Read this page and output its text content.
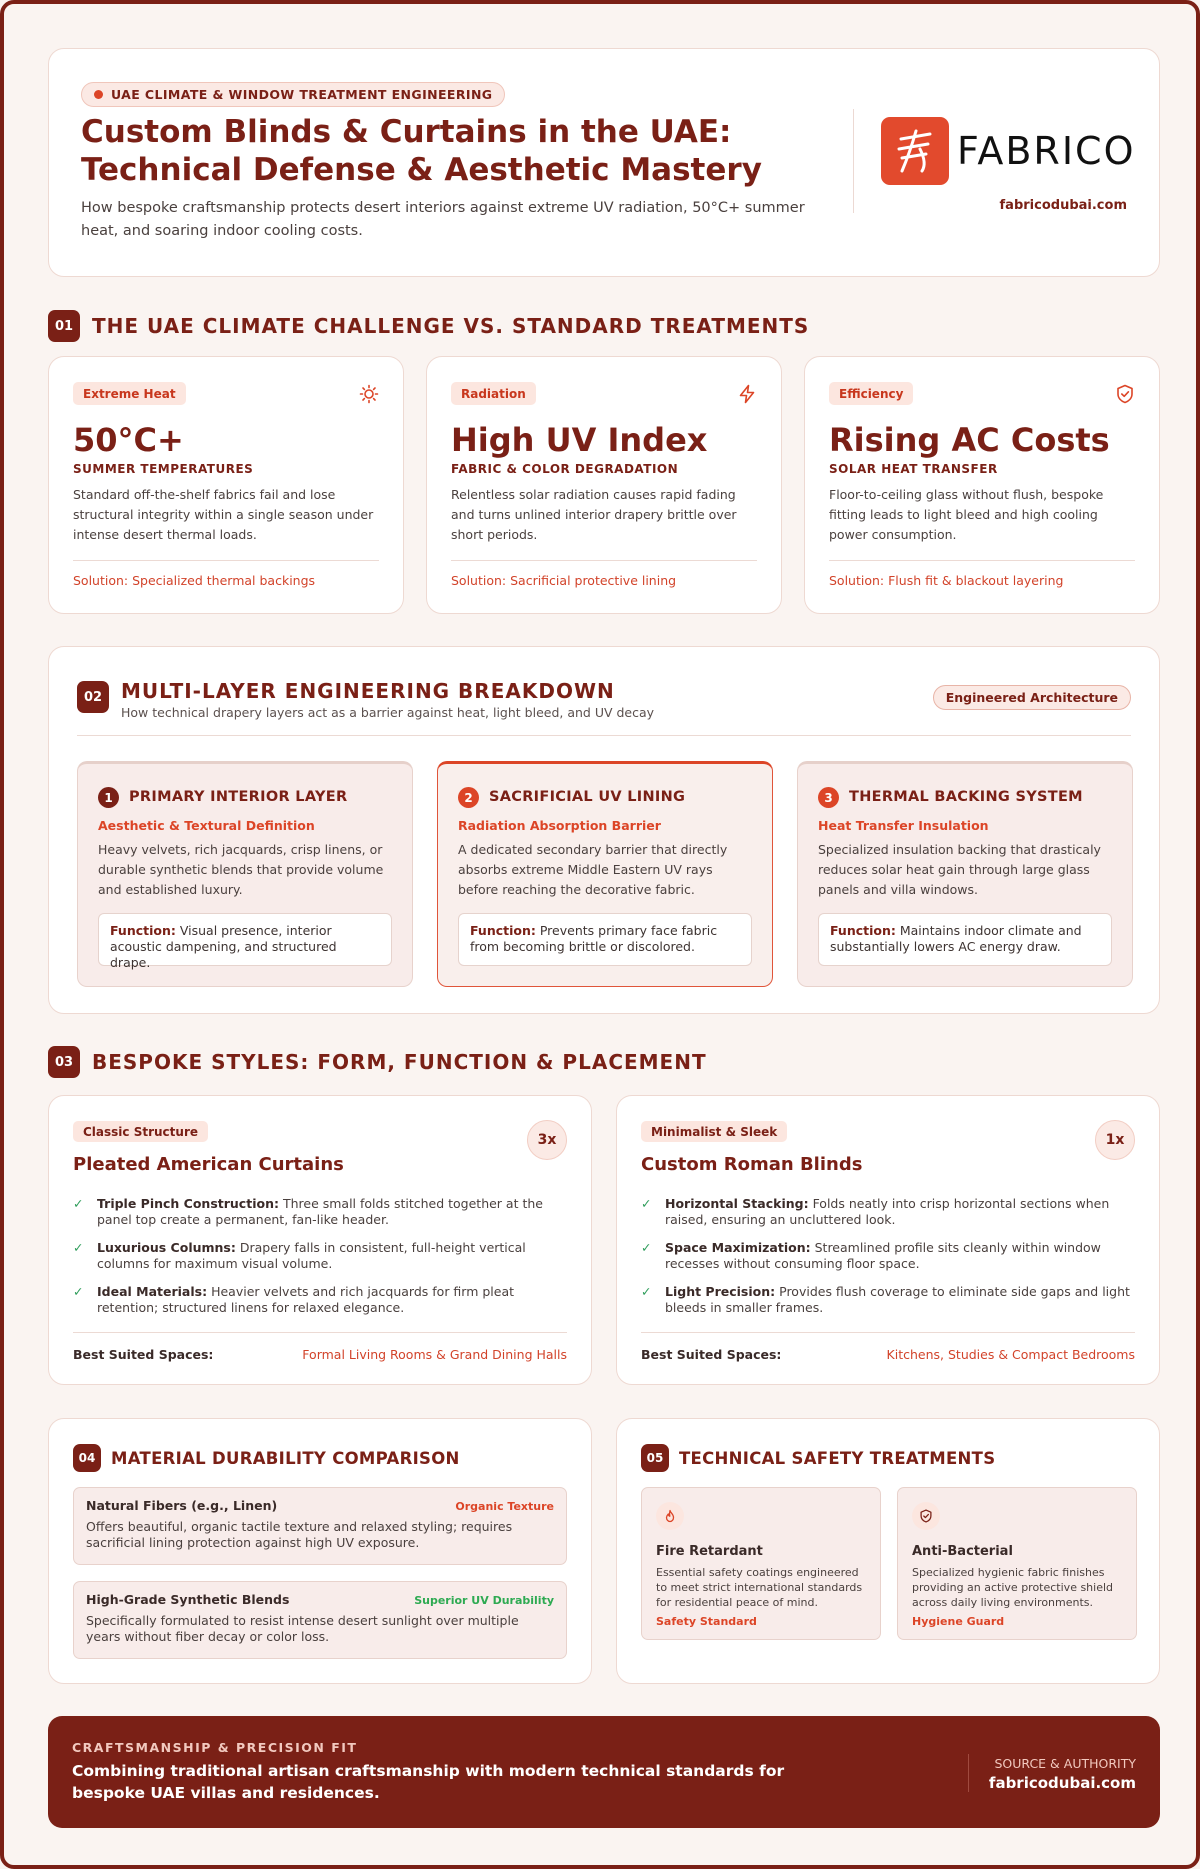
UAE CLIMATE & WINDOW TREATMENT ENGINEERING
Custom Blinds & Curtains in the UAE: Technical Defense & Aesthetic Mastery

How bespoke craftsmanship protects desert interiors against extreme UV radiation, 50°C+ summer heat, and soaring indoor cooling costs.

FABRICO
fabricodubai.com
01 THE UAE CLIMATE CHALLENGE VS. STANDARD TREATMENTS
Extreme Heat
50°C+
SUMMER TEMPERATURES

Standard off-the-shelf fabrics fail and lose structural integrity within a single season under intense desert thermal loads.

Solution: Specialized thermal backings
Radiation
High UV Index
FABRIC & COLOR DEGRADATION

Relentless solar radiation causes rapid fading and turns unlined interior drapery brittle over short periods.

Solution: Sacrificial protective lining
Efficiency
Rising AC Costs
SOLAR HEAT TRANSFER

Floor-to-ceiling glass without flush, bespoke fitting leads to light bleed and high cooling power consumption.

Solution: Flush fit & blackout layering
02 MULTI-LAYER ENGINEERING BREAKDOWN
How technical drapery layers act as a barrier against heat, light bleed, and UV decay
Engineered Architecture
1	PRIMARY INTERIOR LAYER
Aesthetic & Textural Definition

Heavy velvets, rich jacquards, crisp linens, or durable synthetic blends that provide volume and established luxury.

Function: Visual presence, interior acoustic dampening, and structured drape.
2	SACRIFICIAL UV LINING
Radiation Absorption Barrier

A dedicated secondary barrier that directly absorbs extreme Middle Eastern UV rays before reaching the decorative fabric.

Function: Prevents primary face fabric from becoming brittle or discolored.
3	THERMAL BACKING SYSTEM
Heat Transfer Insulation

Specialized insulation backing that drasticaly reduces solar heat gain through large glass panels and villa windows.

Function: Maintains indoor climate and substantially lowers AC energy draw.
03 BESPOKE STYLES: FORM, FUNCTION & PLACEMENT
Classic Structure
3x
Pleated American Curtains
✓ Triple Pinch Construction: Three small folds stitched together at the panel top create a permanent, fan-like header.
✓ Luxurious Columns: Drapery falls in consistent, full-height vertical columns for maximum visual volume.
✓ Ideal Materials: Heavier velvets and rich jacquards for firm pleat retention; structured linens for relaxed elegance.
Best Suited Spaces:	Formal Living Rooms & Grand Dining Halls
Minimalist & Sleek
1x
Custom Roman Blinds
✓ Horizontal Stacking: Folds neatly into crisp horizontal sections when raised, ensuring an uncluttered look.
✓ Space Maximization: Streamlined profile sits cleanly within window recesses without consuming floor space.
✓ Light Precision: Provides flush coverage to eliminate side gaps and light bleeds in smaller frames.
Best Suited Spaces:	Kitchens, Studies & Compact Bedrooms
04 MATERIAL DURABILITY COMPARISON
Natural Fibers (e.g., Linen)	Organic Texture
Offers beautiful, organic tactile texture and relaxed styling; requires sacrificial lining protection against high UV exposure.
High-Grade Synthetic Blends	Superior UV Durability
Specifically formulated to resist intense desert sunlight over multiple years without fiber decay or color loss.
05 TECHNICAL SAFETY TREATMENTS
Fire Retardant
Essential safety coatings engineered to meet strict international standards for residential peace of mind.
Safety Standard
Anti-Bacterial
Specialized hygienic fabric finishes providing an active protective shield across daily living environments.
Hygiene Guard
CRAFTSMANSHIP & PRECISION FIT
Combining traditional artisan craftsmanship with modern technical standards for bespoke UAE villas and residences.
SOURCE & AUTHORITY
fabricodubai.com
